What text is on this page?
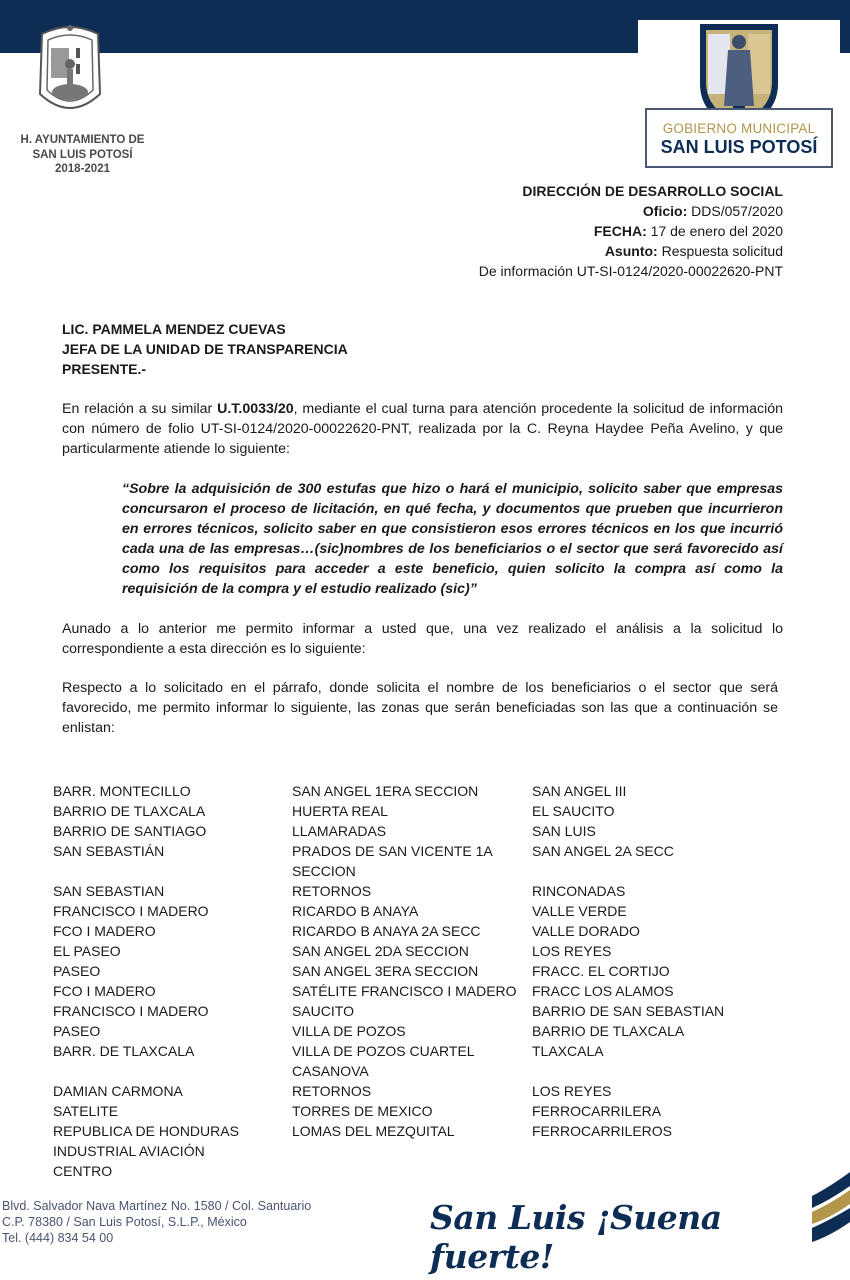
H. AYUNTAMIENTO DE
SAN LUIS POTOSÍ
2018-2021
GOBIERNO MUNICIPAL
SAN LUIS POTOSÍ
DIRECCIÓN DE DESARROLLO SOCIAL
Oficio: DDS/057/2020
FECHA: 17 de enero del 2020
Asunto: Respuesta solicitud
De información UT-SI-0124/2020-00022620-PNT
LIC. PAMMELA MENDEZ CUEVAS
JEFA DE LA UNIDAD DE TRANSPARENCIA
PRESENTE.-
En relación a su similar U.T.0033/20, mediante el cual turna para atención procedente la solicitud de información con número de folio UT-SI-0124/2020-00022620-PNT, realizada por la C. Reyna Haydee Peña Avelino, y que particularmente atiende lo siguiente:
“Sobre la adquisición de 300 estufas que hizo o hará el municipio, solicito saber que empresas concursaron el proceso de licitación, en qué fecha, y documentos que prueben que incurrieron en errores técnicos, solicito saber en que consistieron esos errores técnicos en los que incurrió cada una de las empresas…(sic)nombres de los beneficiarios o el sector que será favorecido así como los requisitos para acceder a este beneficio, quien solicito la compra así como la requisición de la compra y el estudio realizado (sic)”
Aunado a lo anterior me permito informar a usted que, una vez realizado el análisis a la solicitud lo correspondiente a esta dirección es lo siguiente:
Respecto a lo solicitado en el párrafo, donde solicita el nombre de los beneficiarios o el sector que será favorecido, me permito informar lo siguiente, las zonas que serán beneficiadas son las que a continuación se enlistan:
BARR. MONTECILLO
BARRIO DE TLAXCALA
BARRIO DE SANTIAGO
SAN SEBASTIÁN
SAN SEBASTIAN
FRANCISCO I MADERO
FCO I MADERO
EL PASEO
PASEO
FCO I MADERO
FRANCISCO I MADERO
PASEO
BARR. DE TLAXCALA
DAMIAN CARMONA
SATELITE
REPUBLICA DE HONDURAS
INDUSTRIAL AVIACIÓN
CENTRO
SAN ANGEL 1ERA SECCION
HUERTA REAL
LLAMARADAS
PRADOS DE SAN VICENTE 1A
SECCION
RETORNOS
RICARDO B ANAYA
RICARDO B ANAYA 2A SECC
SAN ANGEL 2DA SECCION
SAN ANGEL 3ERA SECCION
SATÉLITE FRANCISCO I MADERO
SAUCITO
VILLA DE POZOS
VILLA DE POZOS CUARTEL
CASANOVA
RETORNOS
TORRES DE MEXICO
LOMAS DEL MEZQUITAL
SAN ANGEL III
EL SAUCITO
SAN LUIS
SAN ANGEL 2A SECC
RINCONADAS
VALLE VERDE
VALLE DORADO
LOS REYES
FRACC. EL CORTIJO
FRACC LOS ALAMOS
BARRIO DE SAN SEBASTIAN
BARRIO DE TLAXCALA
TLAXCALA
LOS REYES
FERROCARRILERA
FERROCARRILEROS
Blvd. Salvador Nava Martínez No. 1580 / Col. Santuario
C.P. 78380 / San Luis Potosí, S.L.P., México
Tel. (444) 834 54 00
San Luis ¡Suena fuerte!
